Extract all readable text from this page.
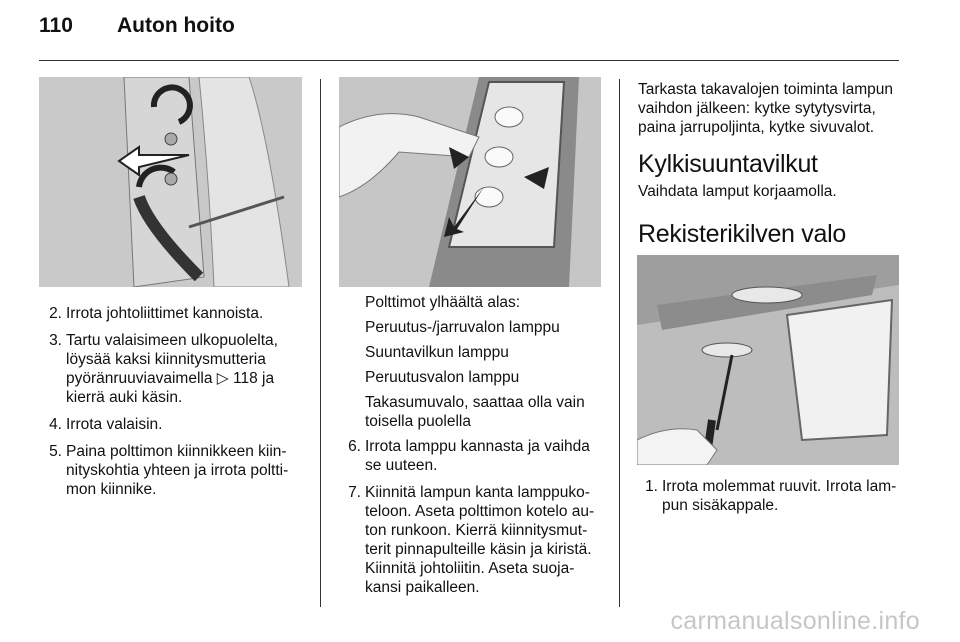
110 Auton hoito
2. Irrota johtoliittimet kannoista.
3. Tartu valaisimeen ulkopuolelta, löysää kaksi kiinnitysmutteria pyöränruuviavaimella ▷ 118 ja kierrä auki käsin.
4. Irrota valaisin.
5. Paina polttimon kiinnikkeen kiin-nityskohtia yhteen ja irrota poltti-mon kiinnike.

Polttimot ylhäältä alas:

Peruutus-/jarruvalon lamppu

Suuntavilkun lamppu

Peruutusvalon lamppu

Takasumuvalo, saattaa olla vain toisella puolella

6. Irrota lamppu kannasta ja vaihda se uuteen.
7. Kiinnitä lampun kanta lamppuko-teloon. Aseta polttimon kotelo au-ton runkoon. Kierrä kiinnitysmut-terit pinnapulteille käsin ja kiristä. Kiinnitä johtoliitin. Aseta suoja-kansi paikalleen.
Tarkasta takavalojen toiminta lampun vaihdon jälkeen: kytke sytytysvirta, paina jarrupoljinta, kytke sivuvalot.
Kylkisuuntavilkut
Vaihdata lamput korjaamolla.
Rekisterikilven valo
1. Irrota molemmat ruuvit. Irrota lam-pun sisäkappale.
carmanualsonline.info
